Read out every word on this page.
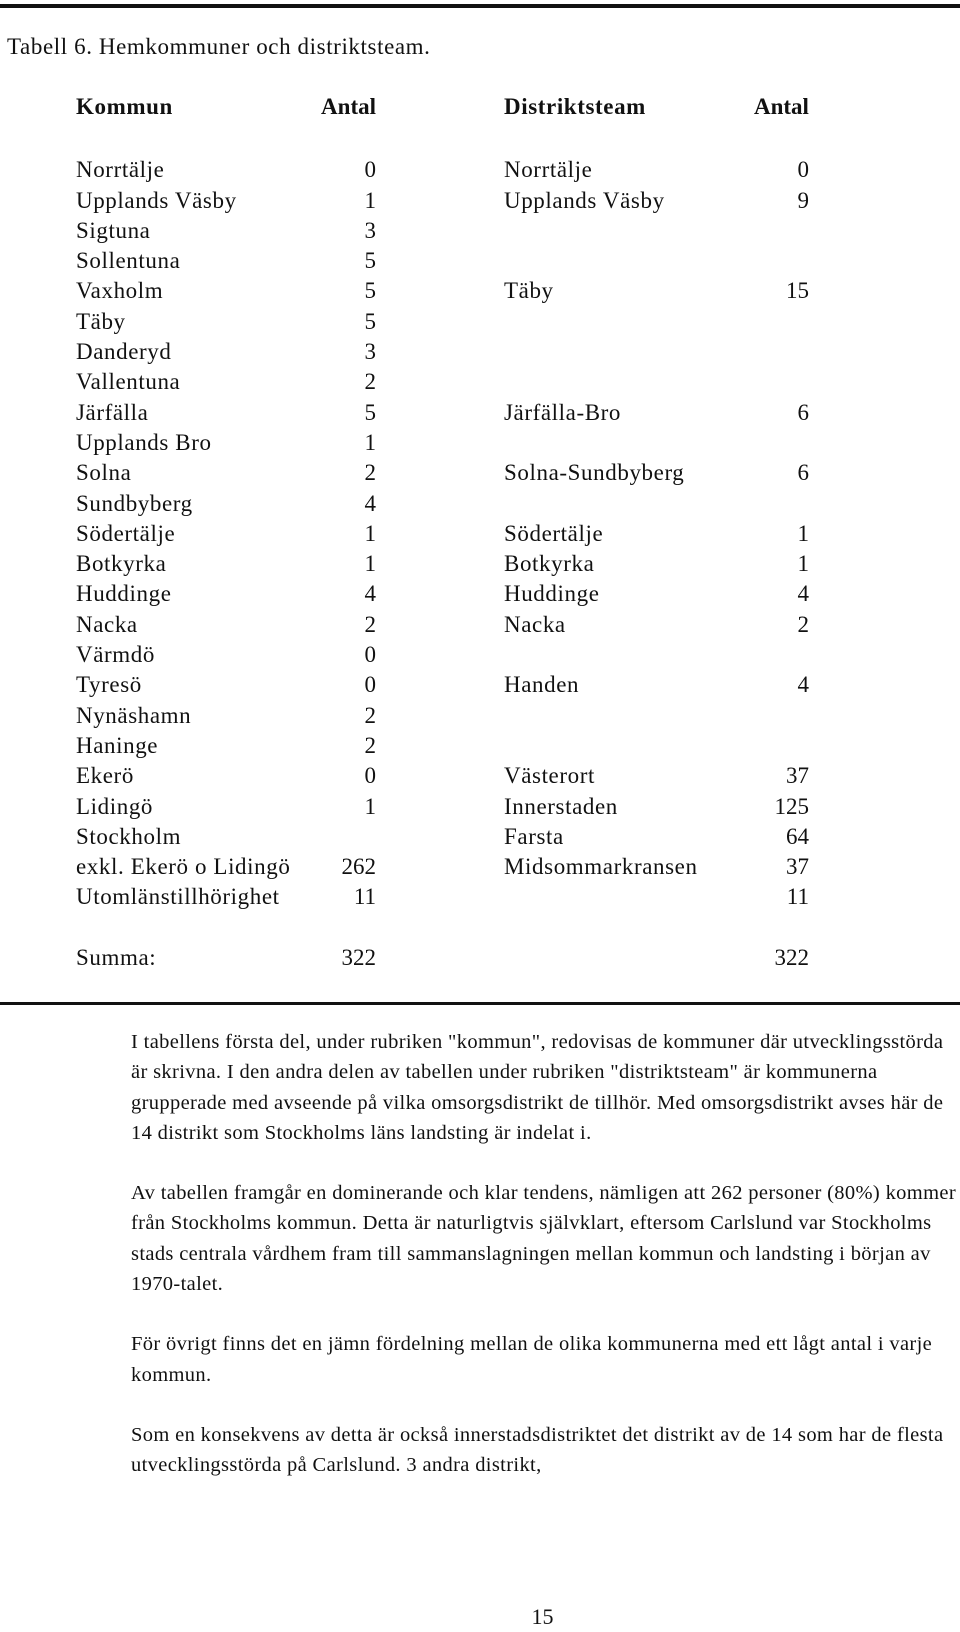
Tabell 6. Hemkommuner och distriktsteam.
Kommun	Antal		Distriktsteam	Antal

Norrtälje	0		Norrtälje	0
Upplands Väsby	1		Upplands Väsby	9
Sigtuna	3			
Sollentuna	5			
Vaxholm	5		Täby	15
Täby	5			
Danderyd	3			
Vallentuna	2			
Järfälla	5		Järfälla-Bro	6
Upplands Bro	1			
Solna	2		Solna-Sundbyberg	6
Sundbyberg	4			
Södertälje	1		Södertälje	1
Botkyrka	1		Botkyrka	1
Huddinge	4		Huddinge	4
Nacka	2		Nacka	2
Värmdö	0			
Tyresö	0		Handen	4
Nynäshamn	2			
Haninge	2			
Ekerö	0		Västerort	37
Lidingö	1		Innerstaden	125
Stockholm			Farsta	64
exkl. Ekerö o Lidingö	262		Midsommarkransen	37
Utomlänstillhörighet	11			11

Summa:	322			322

I tabellens första del, under rubriken "kommun", redovisas de kommuner där utvecklingsstörda är skrivna. I den andra delen av tabellen under rubriken "distriktsteam" är kommunerna grupperade med avseende på vilka omsorgsdistrikt de tillhör. Med omsorgsdistrikt avses här de 14 distrikt som Stockholms läns landsting är indelat i.

Av tabellen framgår en dominerande och klar tendens, nämligen att 262 personer (80%) kommer från Stockholms kommun. Detta är naturligtvis självklart, eftersom Carlslund var Stockholms stads centrala vårdhem fram till sammanslagningen mellan kommun och landsting i början av 1970-talet.

För övrigt finns det en jämn fördelning mellan de olika kommunerna med ett lågt antal i varje kommun.

Som en konsekvens av detta är också innerstadsdistriktet det distrikt av de 14 som har de flesta utvecklingsstörda på Carlslund. 3 andra distrikt,

15
